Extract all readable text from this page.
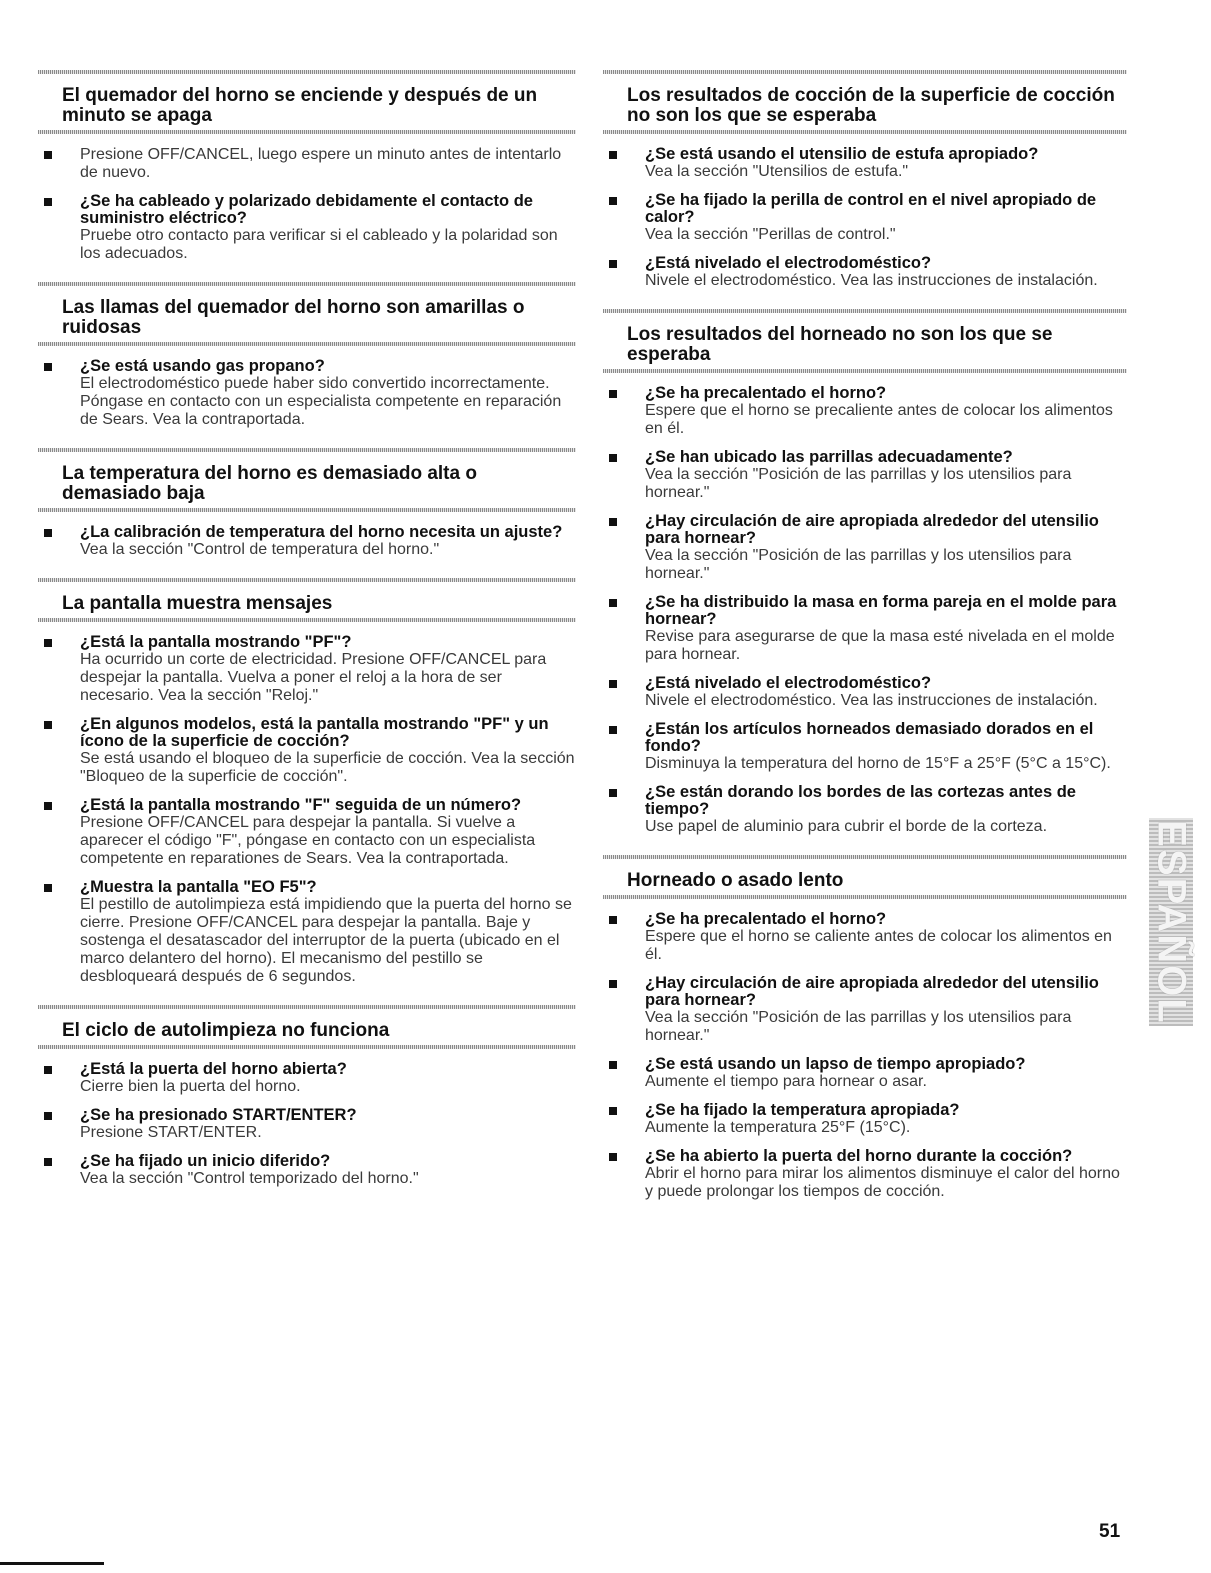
El quemador del horno se enciende y después de un minuto se apaga
Presione OFF/CANCEL, luego espere un minuto antes de intentarlo de nuevo.
¿Se ha cableado y polarizado debidamente el contacto de suministro eléctrico?
Pruebe otro contacto para verificar si el cableado y la polaridad son los adecuados.
Las llamas del quemador del horno son amarillas o ruidosas
¿Se está usando gas propano?
El electrodoméstico puede haber sido convertido incorrectamente. Póngase en contacto con un especialista competente en reparación de Sears. Vea la contraportada.
La temperatura del horno es demasiado alta o demasiado baja
¿La calibración de temperatura del horno necesita un ajuste?
Vea la sección "Control de temperatura del horno."
La pantalla muestra mensajes
¿Está la pantalla mostrando "PF"?
Ha ocurrido un corte de electricidad. Presione OFF/CANCEL para despejar la pantalla. Vuelva a poner el reloj a la hora de ser necesario. Vea la sección "Reloj."
¿En algunos modelos, está la pantalla mostrando "PF" y un ícono de la superficie de cocción?
Se está usando el bloqueo de la superficie de cocción. Vea la sección "Bloqueo de la superficie de cocción".
¿Está la pantalla mostrando "F" seguida de un número?
Presione OFF/CANCEL para despejar la pantalla. Si vuelve a aparecer el código "F", póngase en contacto con un especialista competente en reparationes de Sears. Vea la contraportada.
¿Muestra la pantalla "EO F5"?
El pestillo de autolimpieza está impidiendo que la puerta del horno se cierre. Presione OFF/CANCEL para despejar la pantalla. Baje y sostenga el desatascador del interruptor de la puerta (ubicado en el marco delantero del horno). El mecanismo del pestillo se desbloqueará después de 6 segundos.
El ciclo de autolimpieza no funciona
¿Está la puerta del horno abierta?
Cierre bien la puerta del horno.
¿Se ha presionado START/ENTER?
Presione START/ENTER.
¿Se ha fijado un inicio diferido?
Vea la sección "Control temporizado del horno."
Los resultados de cocción de la superficie de cocción no son los que se esperaba
¿Se está usando el utensilio de estufa apropiado?
Vea la sección "Utensilios de estufa."
¿Se ha fijado la perilla de control en el nivel apropiado de calor?
Vea la sección "Perillas de control."
¿Está nivelado el electrodoméstico?
Nivele el electrodoméstico. Vea las instrucciones de instalación.
Los resultados del horneado no son los que se esperaba
¿Se ha precalentado el horno?
Espere que el horno se precaliente antes de colocar los alimentos en él.
¿Se han ubicado las parrillas adecuadamente?
Vea la sección "Posición de las parrillas y los utensilios para hornear."
¿Hay circulación de aire apropiada alrededor del utensilio para hornear?
Vea la sección "Posición de las parrillas y los utensilios para hornear."
¿Se ha distribuido la masa en forma pareja en el molde para hornear?
Revise para asegurarse de que la masa esté nivelada en el molde para hornear.
¿Está nivelado el electrodoméstico?
Nivele el electrodoméstico. Vea las instrucciones de instalación.
¿Están los artículos horneados demasiado dorados en el fondo?
Disminuya la temperatura del horno de 15°F a 25°F (5°C a 15°C).
¿Se están dorando los bordes de las cortezas antes de tiempo?
Use papel de aluminio para cubrir el borde de la corteza.
Horneado o asado lento
¿Se ha precalentado el horno?
Espere que el horno se caliente antes de colocar los alimentos en él.
¿Hay circulación de aire apropiada alrededor del utensilio para hornear?
Vea la sección "Posición de las parrillas y los utensilios para hornear."
¿Se está usando un lapso de tiempo apropiado?
Aumente el tiempo para hornear o asar.
¿Se ha fijado la temperatura apropiada?
Aumente la temperatura 25°F (15°C).
¿Se ha abierto la puerta del horno durante la cocción?
Abrir el horno para mirar los alimentos disminuye el calor del horno y puede prolongar los tiempos de cocción.
ESPAÑOL
51
